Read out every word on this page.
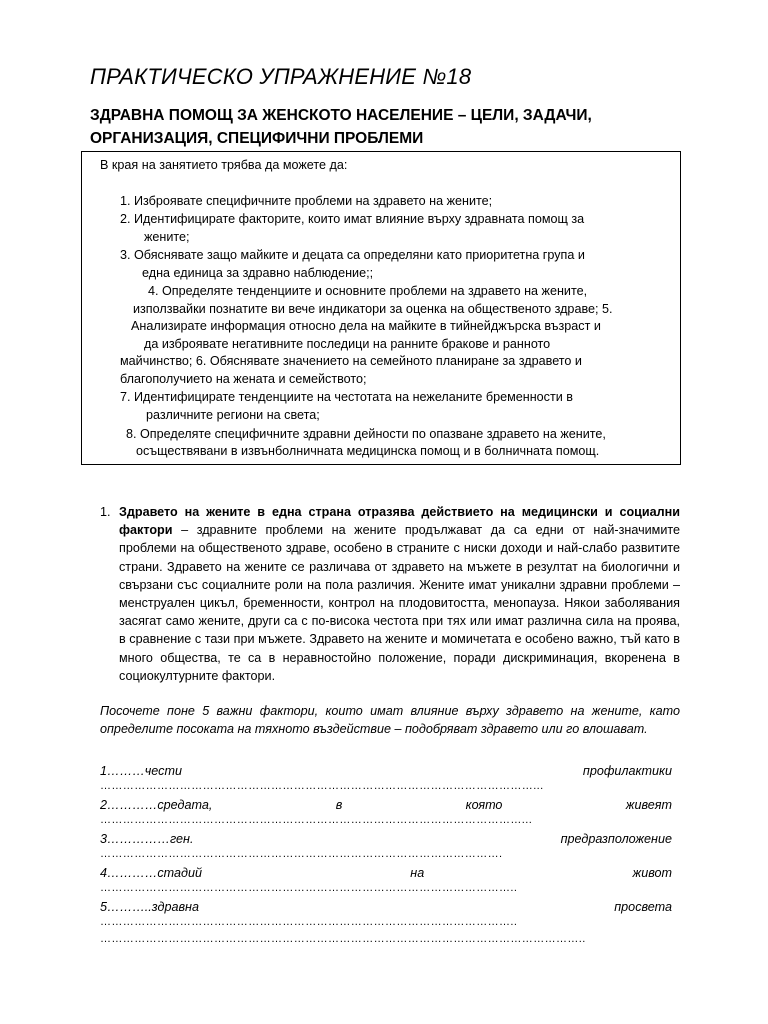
ПРАКТИЧЕСКО УПРАЖНЕНИЕ №18
ЗДРАВНА ПОМОЩ ЗА ЖЕНСКОТО НАСЕЛЕНИЕ – ЦЕЛИ, ЗАДАЧИ,
ОРГАНИЗАЦИЯ, СПЕЦИФИЧНИ ПРОБЛЕМИ

В края на занятието трябва да можете да:

1. Изброявате специфичните проблеми на здравето на жените;

2. Идентифицирате факторите, които имат влияние върху здравната помощ за

жените;

3. Обяснявате защо майките и децата са определяни като приоритетна група и

една единица за здравно наблюдение;;

4. Определяте тенденциите и основните проблеми на здравето на жените,

използвайки познатите ви вече индикатори за оценка на общественото здраве; 5.

Анализирате информация относно дела на майките в тийнейджърска възраст и

да изброявате негативните последици на ранните бракове и ранното

майчинство; 6. Обяснявате значението на семейното планиране за здравето и

благополучието на жената и семейството;

7. Идентифицирате тенденциите на честотата на нежеланите бременности в

различните региони на света;

8. Определяте специфичните здравни дейности по опазване здравето на жените,

осъществявани в извънболничната медицинска помощ и в болничната помощ.

1. Здравето на жените в една страна отразява действието на медицински и социални фактори – здравните проблеми на жените продължават да са едни от най-значимите проблеми на общественото здраве, особено в страните с ниски доходи и най-слабо развитите страни. Здравето на жените се различава от здравето на мъжете в резултат на биологични и свързани със социалните роли на пола различия. Жените имат уникални здравни проблеми – менструален цикъл, бременности, контрол на плодовитостта, менопауза. Някои заболявания засягат само жените, други са с по-висока честота при тях или имат различна сила на проява, в сравнение с тази при мъжете. Здравето на жените и момичетата е особено важно, тъй като в много общества, те са в неравностойно положение, поради дискриминация, вкоренена в социокултурните фактори.

Посочете поне 5 важни фактори, които имат влияние върху здравето на жените, като определите посоката на тяхното въздействие – подобряват здравето или го влошават.

1………чести	профилактики
……………………………………………………………………………………………………...
2…………средата,	в	която	живеят
…………………………………………………………………………………………………...
3……………ген.	предразположение
…………………………………………………………………………………………….
4…………стадий	на	живот
………………………………………………………………………………………………..
5………..здравна	просвета
………………………………………………………………………………………………..
………………………………………………………………………………………………………………..
